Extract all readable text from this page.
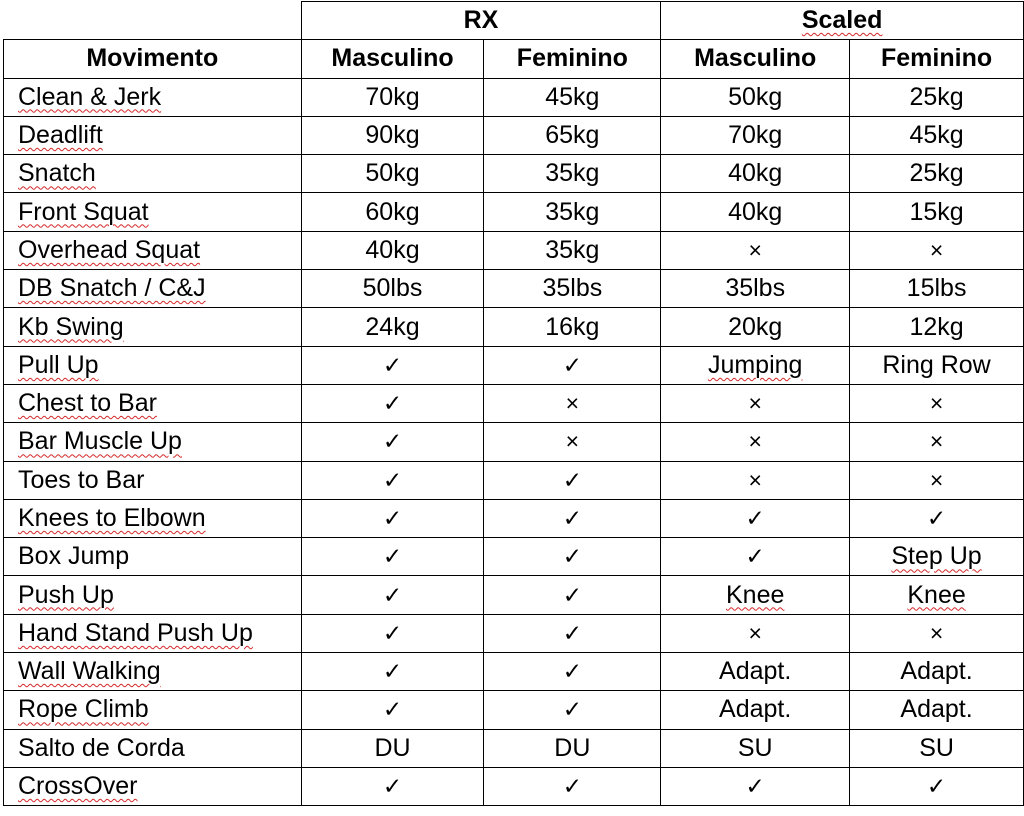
	RX		Scaled	
Movimento	Masculino	Feminino	Masculino	Feminino
Clean & Jerk	70kg	45kg	50kg	25kg
Deadlift	90kg	65kg	70kg	45kg
Snatch	50kg	35kg	40kg	25kg
Front Squat	60kg	35kg	40kg	15kg
Overhead Squat	40kg	35kg	×	×
DB Snatch / C&J	50lbs	35lbs	35lbs	15lbs
Kb Swing	24kg	16kg	20kg	12kg
Pull Up	✓	✓	Jumping	Ring Row
Chest to Bar	✓	×	×	×
Bar Muscle Up	✓	×	×	×
Toes to Bar	✓	✓	×	×
Knees to Elbown	✓	✓	✓	✓
Box Jump	✓	✓	✓	Step Up
Push Up	✓	✓	Knee	Knee
Hand Stand Push Up	✓	✓	×	×
Wall Walking	✓	✓	Adapt.	Adapt.
Rope Climb	✓	✓	Adapt.	Adapt.
Salto de Corda	DU	DU	SU	SU
CrossOver	✓	✓	✓	✓
